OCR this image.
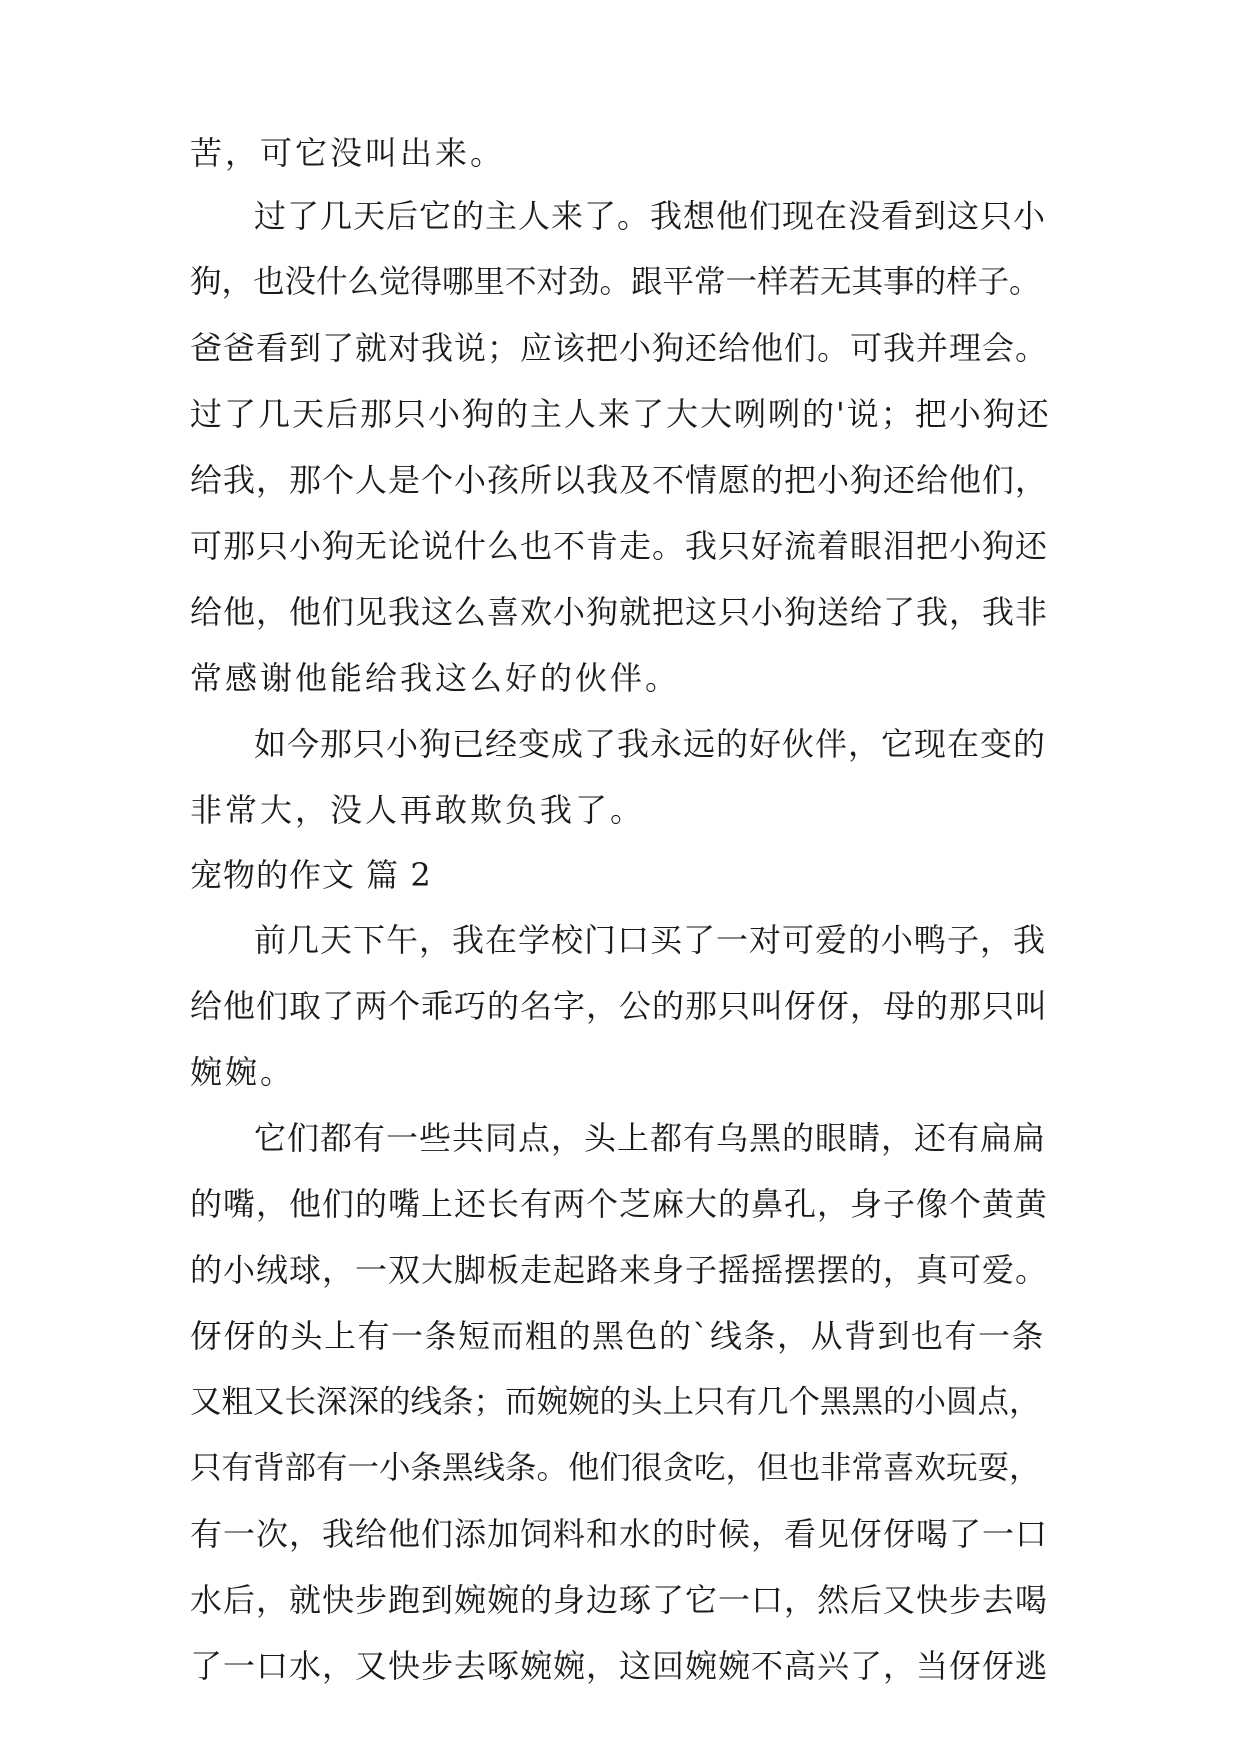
苦，可它没叫出来。
过了几天后它的主人来了。我想他们现在没看到这只小
狗，也没什么觉得哪里不对劲。跟平常一样若无其事的样子。
爸爸看到了就对我说；应该把小狗还给他们。可我并理会。
过了几天后那只小狗的主人来了大大咧咧的'说；把小狗还
给我，那个人是个小孩所以我及不情愿的把小狗还给他们，
可那只小狗无论说什么也不肯走。我只好流着眼泪把小狗还
给他，他们见我这么喜欢小狗就把这只小狗送给了我，我非
常感谢他能给我这么好的伙伴。
如今那只小狗已经变成了我永远的好伙伴，它现在变的
非常大，没人再敢欺负我了。
宠物的作文 篇 2
前几天下午，我在学校门口买了一对可爱的小鸭子，我
给他们取了两个乖巧的名字，公的那只叫伢伢，母的那只叫
婉婉。
它们都有一些共同点，头上都有乌黑的眼睛，还有扁扁
的嘴，他们的嘴上还长有两个芝麻大的鼻孔，身子像个黄黄
的小绒球，一双大脚板走起路来身子摇摇摆摆的，真可爱。
伢伢的头上有一条短而粗的黑色的`线条，从背到也有一条
又粗又长深深的线条；而婉婉的头上只有几个黑黑的小圆点，
只有背部有一小条黑线条。他们很贪吃，但也非常喜欢玩耍，
有一次，我给他们添加饲料和水的时候，看见伢伢喝了一口
水后，就快步跑到婉婉的身边琢了它一口，然后又快步去喝
了一口水，又快步去啄婉婉，这回婉婉不高兴了，当伢伢逃
